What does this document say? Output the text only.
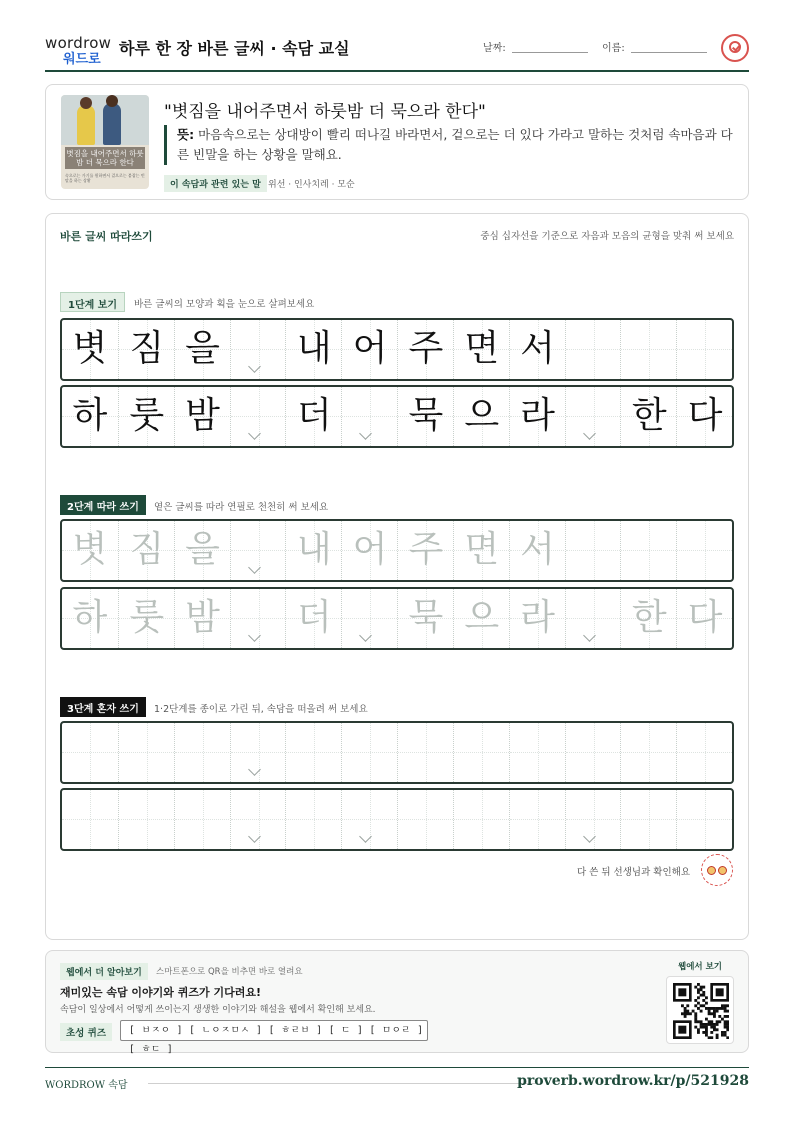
wordrow
워드로
하루 한 장 바른 글씨 · 속담 교실	날짜:	이름:
볏짐을 내어주면서 하룻밤 더 묵으라 한다
속으로는 가기를 원하면서 겉으로는 붙잡는 빈말을 하는 상황
"볏짐을 내어주면서 하룻밤 더 묵으라 한다"
뜻: 마음속으로는 상대방이 빨리 떠나길 바라면서, 겉으로는 더 있다 가라고 말하는 것처럼 속마음과 다른 빈말을 하는 상황을 말해요.
이 속담과 관련 있는 말 위선 · 인사치레 · 모순
바른 글씨 따라쓰기	중심 십자선을 기준으로 자음과 모음의 균형을 맞춰 써 보세요
1단계 보기	바른 글씨의 모양과 획을 눈으로 살펴보세요
볏 짐 을 내 어 주 면 서
하 룻 밤 더 묵 으 라 한 다
2단계 따라 쓰기	옅은 글씨를 따라 연필로 천천히 써 보세요
볏 짐 을 내 어 주 면 서
하 룻 밤 더 묵 으 라 한 다
3단계 혼자 쓰기	1·2단계를 종이로 가린 뒤, 속담을 떠올려 써 보세요
다 쓴 뒤 선생님과 확인해요
웹에서 더 알아보기	스마트폰으로 QR을 비추면 바로 열려요
재미있는 속담 이야기와 퀴즈가 기다려요!
속담이 일상에서 어떻게 쓰이는지 생생한 이야기와 해설을 웹에서 확인해 보세요.
초성 퀴즈	[ ㅂㅈㅇ ] [ ㄴㅇㅈㅁㅅ ] [ ㅎㄹㅂ ] [ ㄷ ] [ ㅁㅇㄹ ] [ ㅎㄷ ]
웹에서 보기
WORDROW 속담	proverb.wordrow.kr/p/521928
